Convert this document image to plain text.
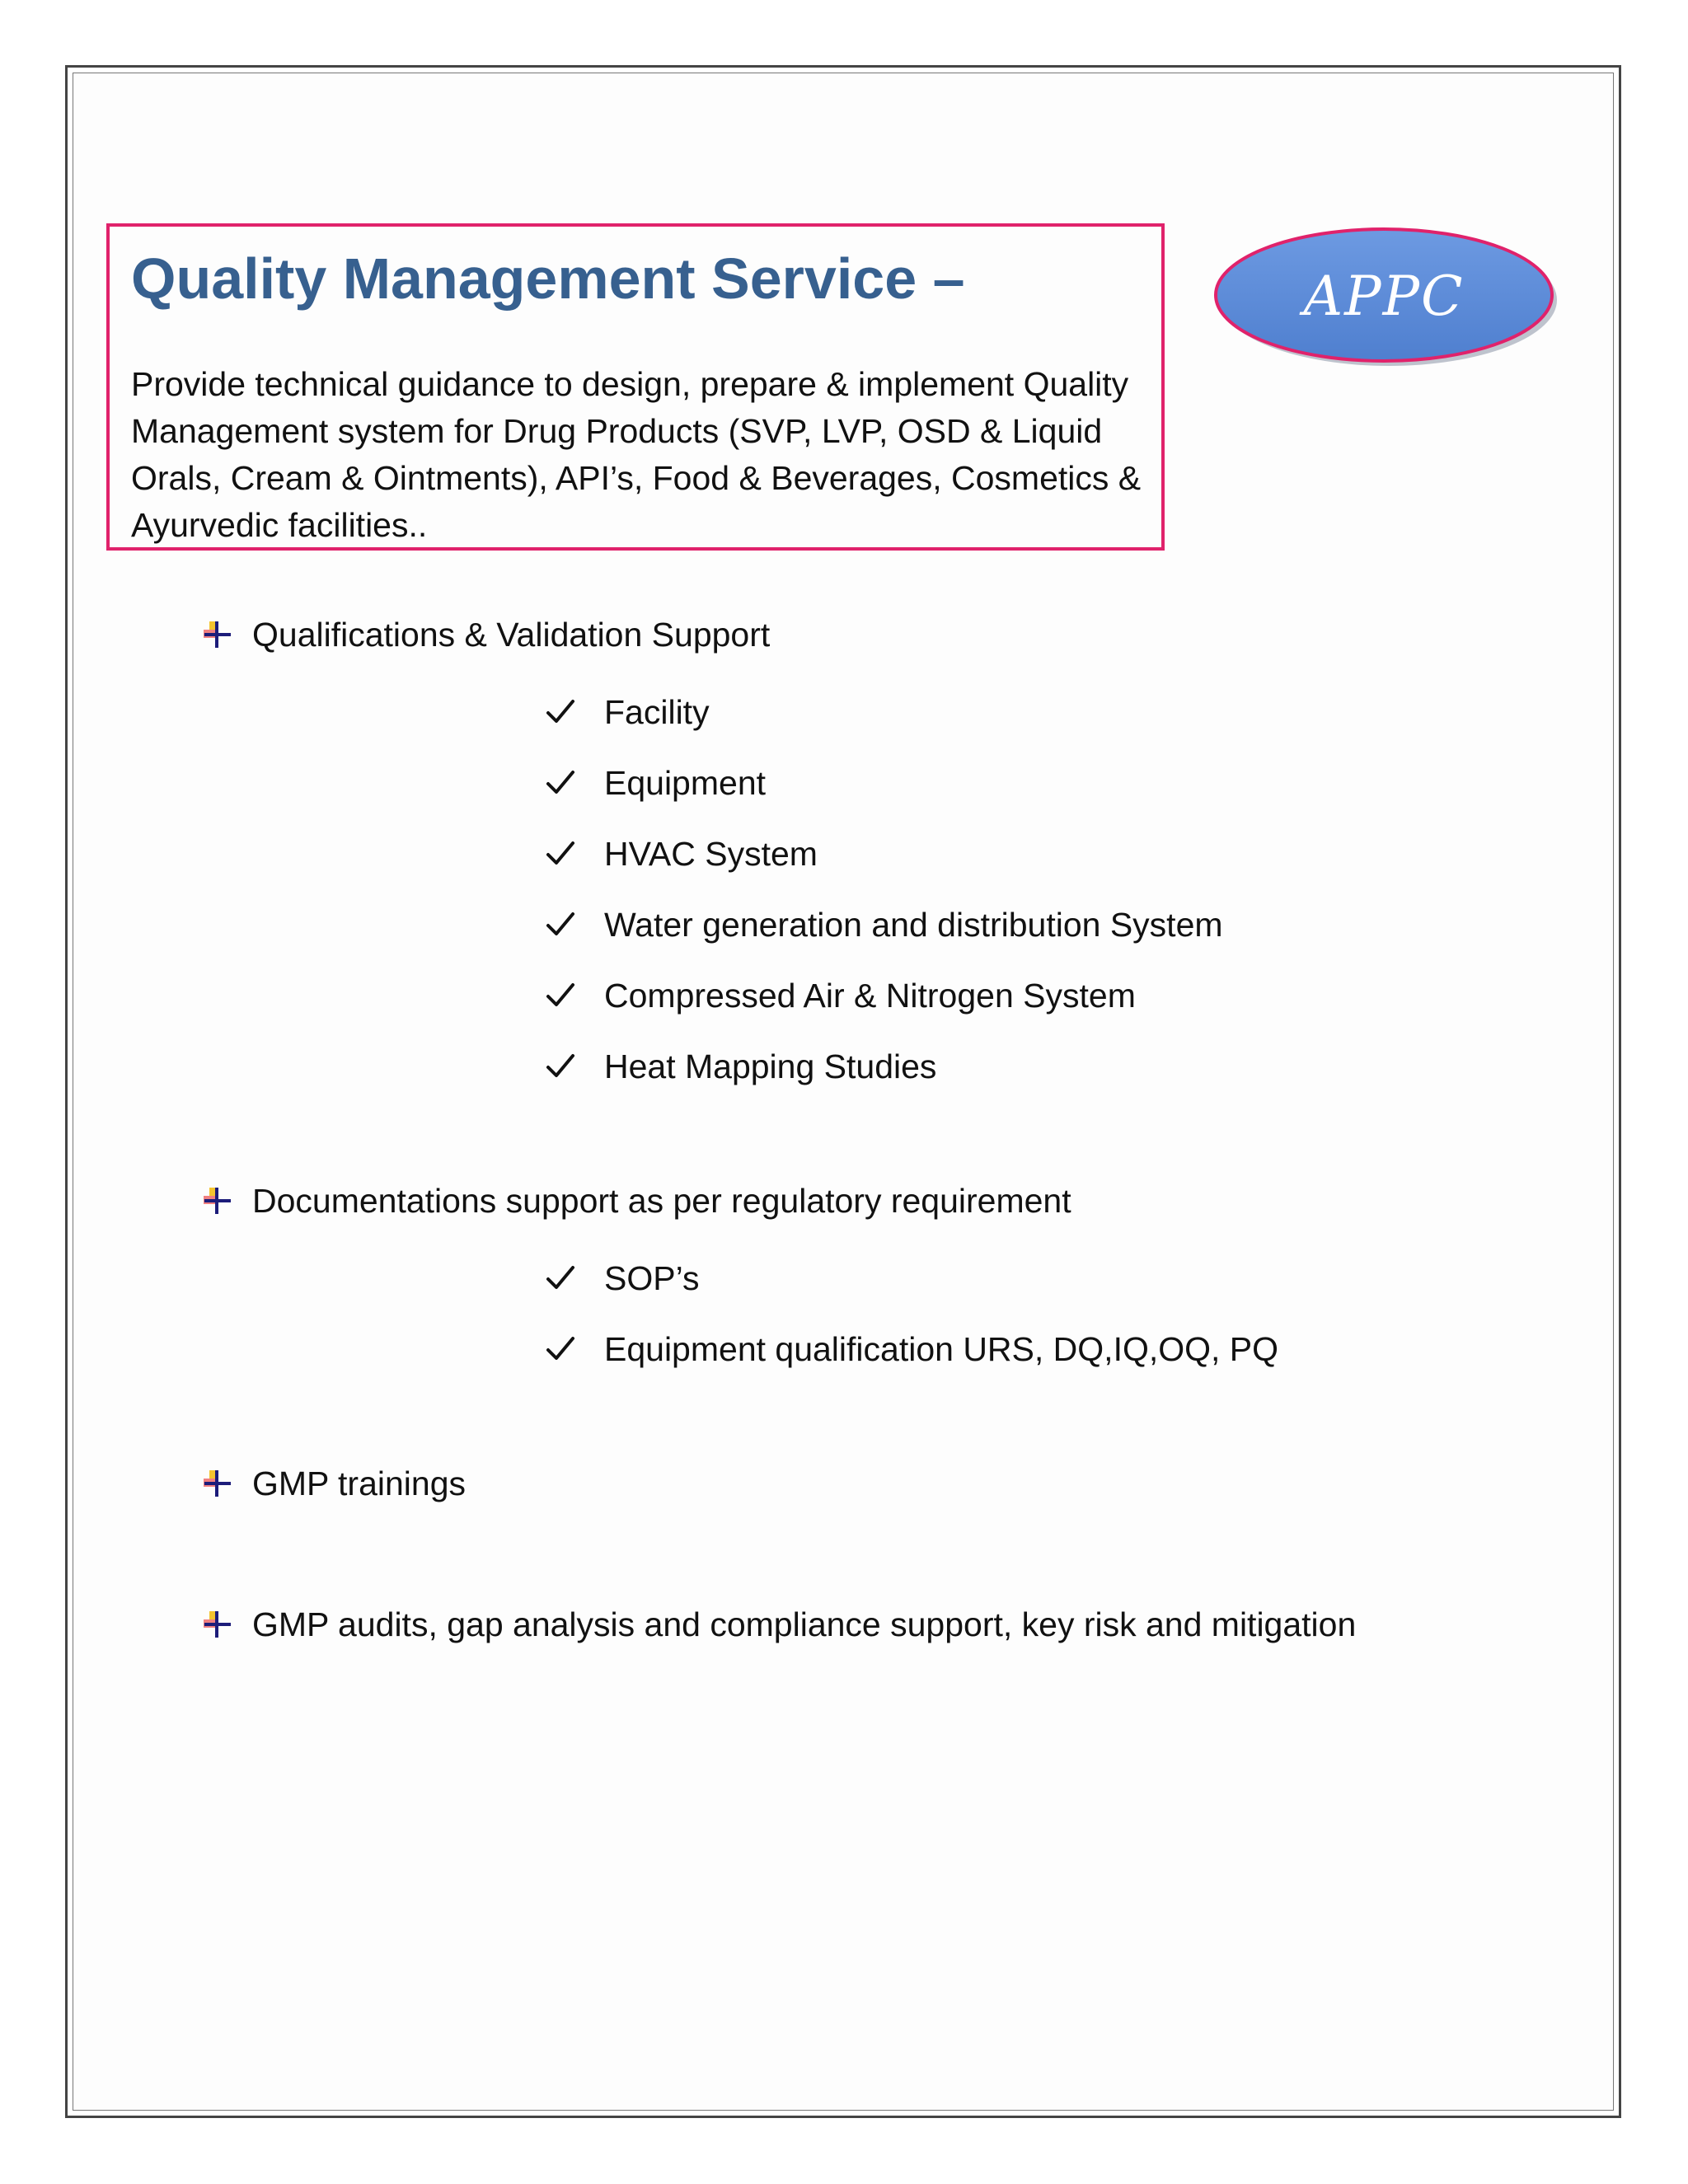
Quality Management Service –
Provide technical guidance to design, prepare & implement Quality Management system for Drug Products (SVP, LVP, OSD & Liquid Orals, Cream & Ointments), API’s, Food & Beverages, Cosmetics & Ayurvedic facilities..
APPC
Qualifications & Validation Support
Facility
Equipment
HVAC System
Water generation and distribution System
Compressed Air & Nitrogen System
Heat Mapping Studies
Documentations support as per regulatory requirement
SOP’s
Equipment qualification URS, DQ,IQ,OQ, PQ
GMP trainings
GMP audits, gap analysis and compliance support, key risk and mitigation
